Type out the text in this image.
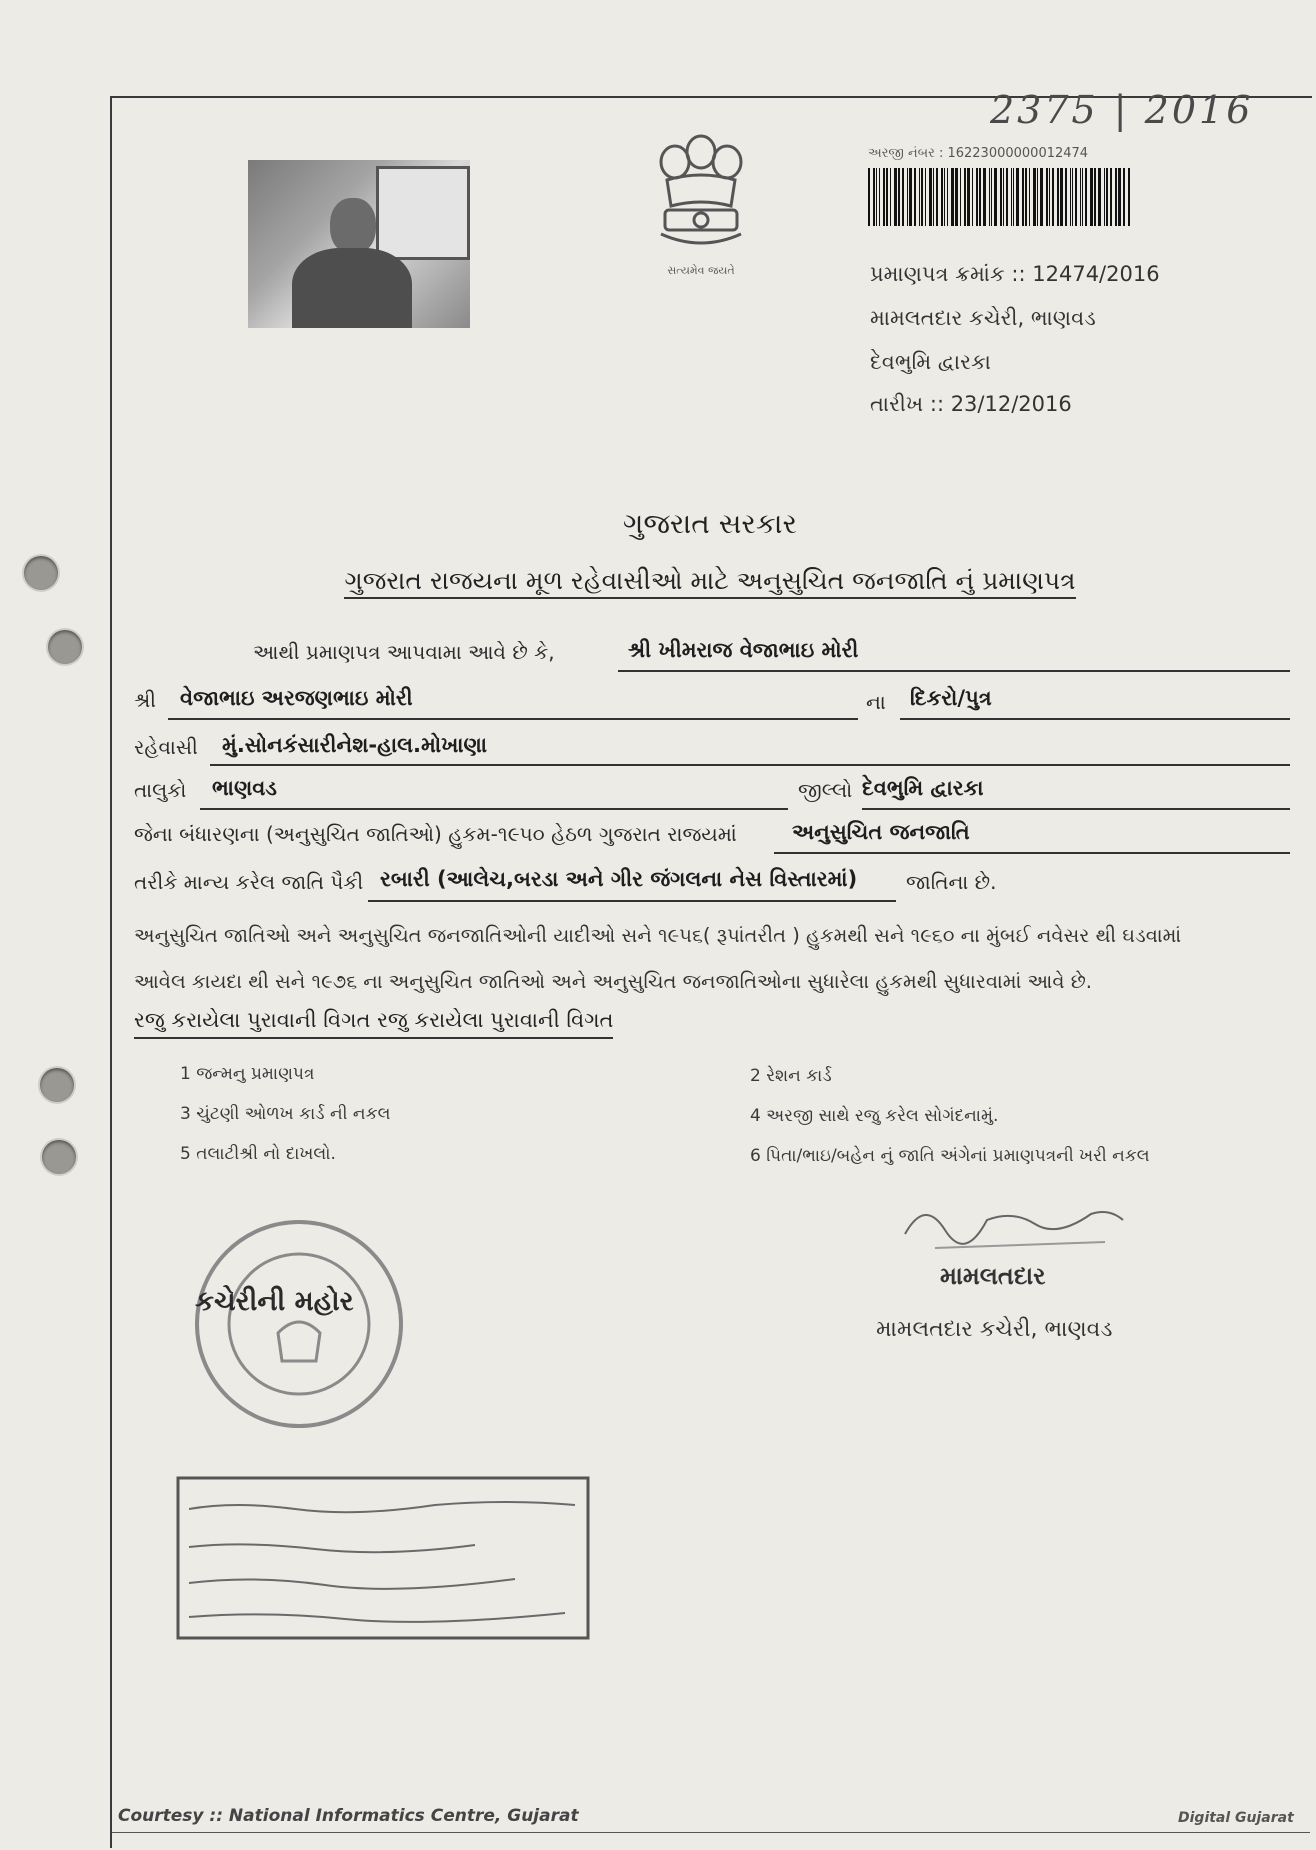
2375 | 2016
સત્યમેવ જયતે
અરજી નંબર : 16223000000012474
પ્રમાણપત્ર ક્રમાંક :: 12474/2016
મામલતદાર કચેરી, ભાણવડ
દેવભુમિ દ્વારકા
તારીખ :: 23/12/2016
ગુજરાત સરકાર
ગુજરાત રાજયના મૂળ રહેવાસીઓ માટે અનુસુચિત જનજાતિ નું પ્રમાણપત્ર
આથી પ્રમાણપત્ર આપવામા આવે છે કે,	શ્રી ખીમરાજ વેજાભાઇ મોરી
શ્રી વેજાભાઇ અરજણભાઇ મોરી	ના દિકરો/પુત્ર
રહેવાસી મું.સોનકંસારીનેશ-હાલ.મોખાણા
તાલુકો ભાણવડ	જીલ્લો દેવભુમિ દ્વારકા
જેના બંધારણના (અનુસુચિત જાતિઓ) હુકમ-૧૯૫૦ હેઠળ ગુજરાત રાજયમાં	અનુસુચિત જનજાતિ
તરીકે માન્ય કરેલ જાતિ પૈકી રબારી (આલેચ,બરડા અને ગીર જંગલના નેસ વિસ્તારમાં) જાતિના છે.
અનુસુચિત જાતિઓ અને અનુસુચિત જનજાતિઓની યાદીઓ સને ૧૯૫૬( રૂપાંતરીત ) હુકમથી સને ૧૯૬૦ ના મુંબઈ નવેસર થી ઘડવામાં
આવેલ કાયદા થી સને ૧૯૭૬ ના અનુસુચિત જાતિઓ અને અનુસુચિત જનજાતિઓના સુધારેલા હુકમથી સુધારવામાં આવે છે.
રજુ કરાયેલા પુરાવાની વિગત રજુ કરાયેલા પુરાવાની વિગત
1 જન્મનુ પ્રમાણપત્ર	2 રેશન કાર્ડ
3 ચુંટણી ઓળખ કાર્ડ ની નકલ	4 અરજી સાથે રજુ કરેલ સોગંદનામું.
5 તલાટીશ્રી નો દાખલો.	6 પિતા/ભાઇ/બહેન નું જાતિ અંગેનાં પ્રમાણપત્રની ખરી નકલ
કચેરીની મહોર
મામલતદાર
મામલતદાર કચેરી, ભાણવડ
Courtesy :: National Informatics Centre, Gujarat	Digital Gujarat
